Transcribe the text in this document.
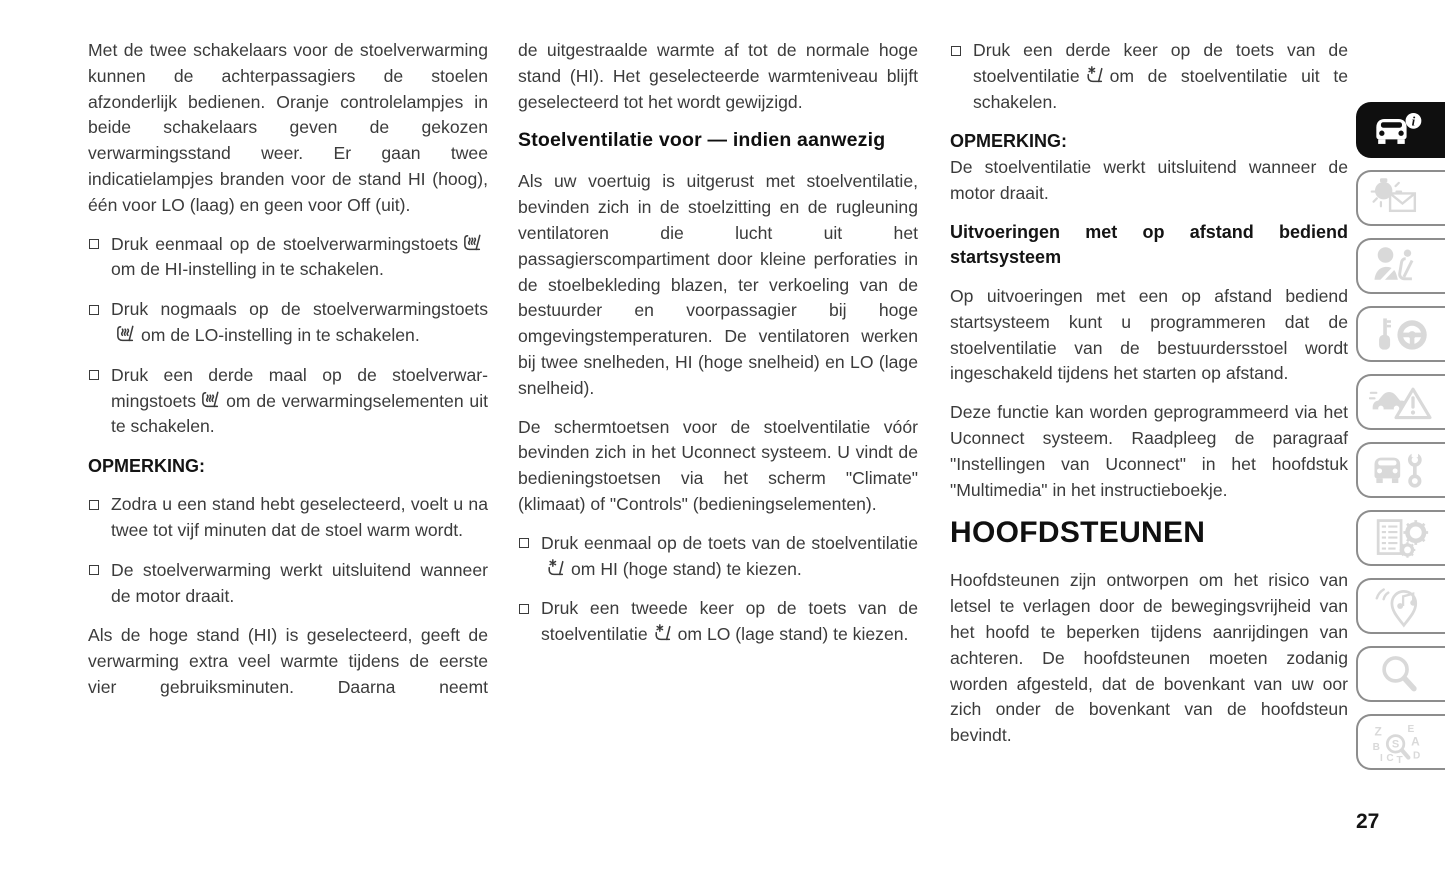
Met de twee schakelaars voor de stoelverwarming kunnen de achterpassagiers de stoelen afzonderlijk bedienen. Oranje controlelampjes in beide schakelaars geven de gekozen verwarmingsstand weer. Er gaan twee indicatielampjes branden voor de stand HI (hoog), één voor LO (laag) en geen voor Off (uit).

Druk eenmaal op de stoelverwarmingstoetsom de HI-instelling in te schakelen.
Druk nogmaals op de stoelverwarmingstoetsom de LO-instelling in te schakelen.
Druk een derde maal op de stoelverwarmingstoets om de verwarmingselementen uit te schakelen.
OPMERKING:
Zodra u een stand hebt geselecteerd, voelt u na twee tot vijf minuten dat de stoel warm wordt.
De stoelverwarming werkt uitsluitend wanneer de motor draait.

Als de hoge stand (HI) is geselecteerd, geeft de verwarming extra veel warmte tijdens de eerste vier gebruiksminuten. Daarna neemt

de uitgestraalde warmte af tot de normale hoge stand (HI). Het geselecteerde warmteniveau blijft geselecteerd tot het wordt gewijzigd.

Stoelventilatie voor — indien aanwezig

Als uw voertuig is uitgerust met stoelventilatie, bevinden zich in de stoelzitting en de rugleuning ventilatoren die lucht uit het passagierscompartiment door kleine perforaties in de stoelbekleding blazen, ter verkoeling van de bestuurder en voorpassagier bij hoge omgevingstemperaturen. De ventilatoren werken bij twee snelheden, HI (hoge snelheid) en LO (lage snelheid).

De schermtoetsen voor de stoelventilatie vóór bevinden zich in het Uconnect systeem. U vindt de bedieningstoetsen via het scherm "Climate" (klimaat) of "Controls" (bedieningselementen).

Druk eenmaal op de toets van de stoelventilatieom HI (hoge stand) te kiezen.
Druk een tweede keer op de toets van de stoelventilatie om LO (lage stand) te kiezen.
Druk een derde keer op de toets van de stoelventilatie om de stoelventilatie uit te schakelen.
OPMERKING:

De stoelventilatie werkt uitsluitend wanneer de motor draait.

Uitvoeringen met op afstand bediend startsysteem

Op uitvoeringen met een op afstand bediend startsysteem kunt u programmeren dat de stoelventilatie van de bestuurdersstoel wordt ingeschakeld tijdens het starten op afstand.

Deze functie kan worden geprogrammeerd via het Uconnect systeem. Raadpleeg de paragraaf "Instellingen van Uconnect" in het hoofdstuk "Multimedia" in het instructieboekje.

HOOFDSTEUNEN

Hoofdsteunen zijn ontworpen om het risico van letsel te verlagen door de bewegingsvrijheid van het hoofd te beperken tijdens aanrijdingen van achteren. De hoofdsteunen moeten zodanig worden afgesteld, dat de bovenkant van uw oor zich onder de bovenkant van de hoofdsteun bevindt.

i
Z E
B A
I C T D
S
27
